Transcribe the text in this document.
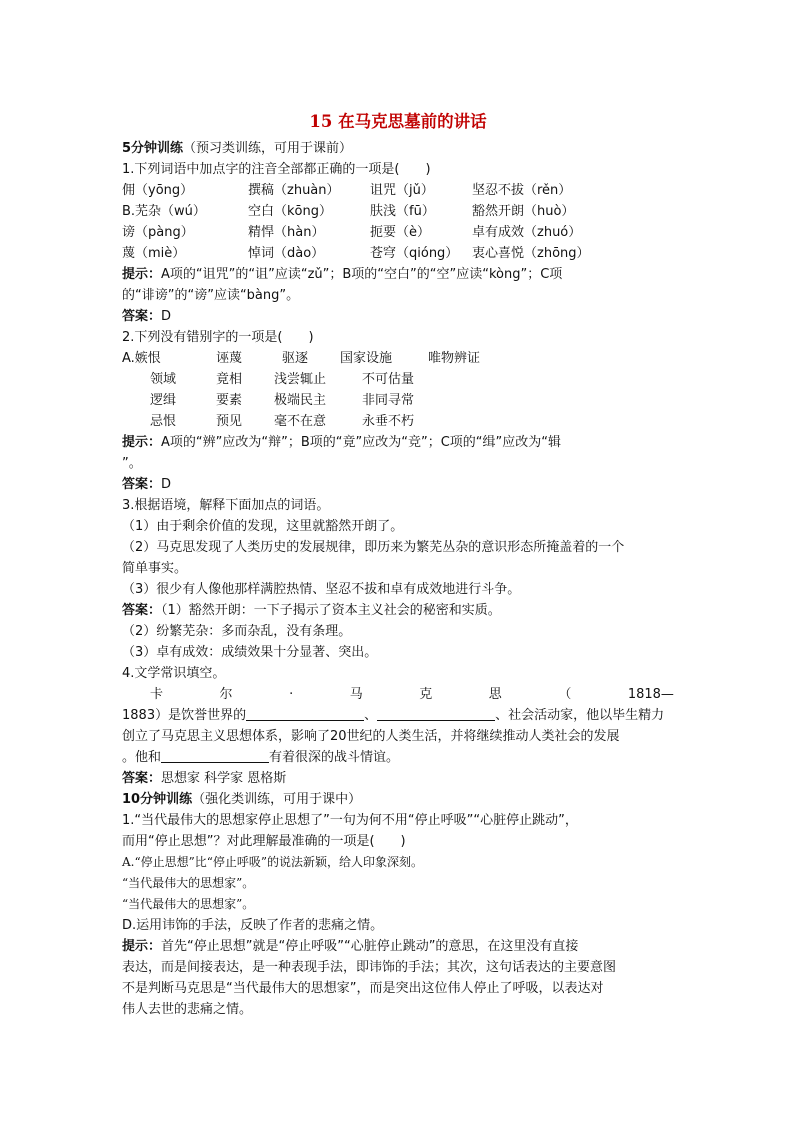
15 在马克思墓前的讲话
5分钟训练（预习类训练，可用于课前）
1.下列词语中加点字的注音全部都正确的一项是(　　)
佣（yōng）	撰稿（zhuàn） 诅咒（jǔ）	坚忍不拔（rěn）
B.芜杂（wú）	空白（kōng）	肤浅（fū）	豁然开朗（huò）
谤（pàng）	精悍（hàn）	扼要（è）	卓有成效（zhuó）
蔑（miè）	悼词（dào）	苍穹（qióng） 衷心喜悦（zhōng）
提示：A项的“诅咒”的“诅”应读“zǔ”；B项的“空白”的“空”应读“kòng”；C项
的“诽谤”的“谤”应读“bàng”。
答案：D
2.下列没有错别字的一项是(　　)
A.嫉恨	诬蔑	驱逐 国家设施	唯物辨证
领域	竟相 浅尝辄止	不可估量
逻缉	要素 极端民主	非同寻常
忌恨	预见 毫不在意	永垂不朽
提示：A项的“辨”应改为“辩”；B项的“竟”应改为“竞”；C项的“缉”应改为“辑
”。
答案：D
3.根据语境，解释下面加点的词语。
（1）由于剩余价值的发现，这里就豁然开朗了。
（2）马克思发现了人类历史的发展规律，即历来为繁芜丛杂的意识形态所掩盖着的一个
简单事实。
（3）很少有人像他那样满腔热情、坚忍不拔和卓有成效地进行斗争。
答案：（1）豁然开朗：一下子揭示了资本主义社会的秘密和实质。
（2）纷繁芜杂：多而杂乱，没有条理。
（3）卓有成效：成绩效果十分显著、突出。
4.文学常识填空。
卡	尔	·	马	克	思	（	1818—
1883）是饮誉世界的	、	、社会活动家，他以毕生精力
创立了马克思主义思想体系，影响了20世纪的人类生活，并将继续推动人类社会的发展
。他和	有着很深的战斗情谊。
答案：思想家 科学家 恩格斯
10分钟训练（强化类训练，可用于课中）
1.“当代最伟大的思想家停止思想了”一句为何不用“停止呼吸”“心脏停止跳动”，
而用“停止思想”？对此理解最准确的一项是(　　)
A.“停止思想”比“停止呼吸”的说法新颖，给人印象深刻。
“当代最伟大的思想家”。
“当代最伟大的思想家”。
D.运用讳饰的手法，反映了作者的悲痛之情。
提示：首先“停止思想”就是“停止呼吸”“心脏停止跳动”的意思，在这里没有直接
表达，而是间接表达，是一种表现手法，即讳饰的手法；其次，这句话表达的主要意图
不是判断马克思是“当代最伟大的思想家”，而是突出这位伟人停止了呼吸，以表达对
伟人去世的悲痛之情。
